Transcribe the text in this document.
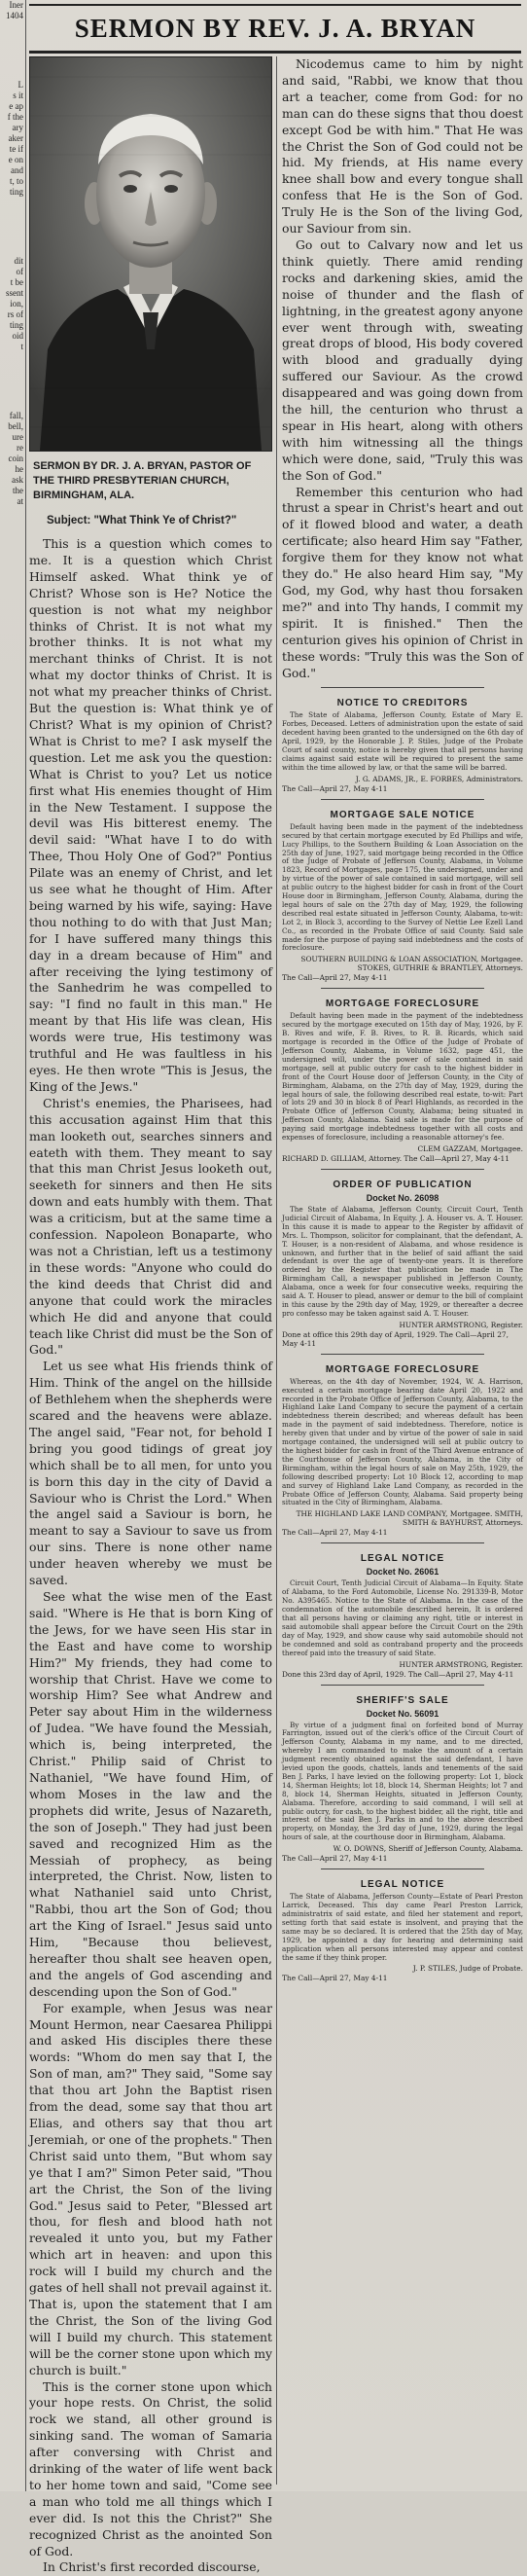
Iner
1404
L
s it
e ap
f the
ary
aker
te if
e on
and
t, to
ting
dit
of
t be
ssent
ion,
rs of
ting
oid
t
fall,
bell,
ure
re
coin
he
ask
the
at
SERMON BY REV. J. A. BRYAN

SERMON BY DR. J. A. BRYAN, PASTOR OF THE THIRD PRESBYTERIAN CHURCH, BIRMINGHAM, ALA.

Subject: "What Think Ye of Christ?"

This is a question which comes to me. It is a question which Christ Himself asked. What think ye of Christ? Whose son is He? Notice the question is not what my neighbor thinks of Christ. It is not what my brother thinks. It is not what my merchant thinks of Christ. It is not what my doctor thinks of Christ. It is not what my preacher thinks of Christ. But the question is: What think ye of Christ? What is my opinion of Christ? What is Christ to me? I ask myself the question. Let me ask you the question: What is Christ to you? Let us notice first what His enemies thought of Him in the New Testament. I suppose the devil was His bitterest enemy. The devil said: "What have I to do with Thee, Thou Holy One of God?" Pontius Pilate was an enemy of Christ, and let us see what he thought of Him. After being warned by his wife, saying: Have thou nothing to do with that Just Man; for I have suffered many things this day in a dream because of Him" and after receiving the lying testimony of the Sanhedrim he was compelled to say: "I find no fault in this man." He meant by that His life was clean, His words were true, His testimony was truthful and He was faultless in his eyes. He then wrote "This is Jesus, the King of the Jews."

Christ's enemies, the Pharisees, had this accusation against Him that this man looketh out, searches sinners and eateth with them. They meant to say that this man Christ Jesus looketh out, seeketh for sinners and then He sits down and eats humbly with them. That was a criticism, but at the same time a confession. Napoleon Bonaparte, who was not a Christian, left us a testimony in these words: "Anyone who could do the kind deeds that Christ did and anyone that could work the miracles which He did and anyone that could teach like Christ did must be the Son of God."

Let us see what His friends think of Him. Think of the angel on the hillside of Bethlehem when the shepherds were scared and the heavens were ablaze. The angel said, "Fear not, for behold I bring you good tidings of great joy which shall be to all men, for unto you is born this day in the city of David a Saviour who is Christ the Lord." When the angel said a Saviour is born, he meant to say a Saviour to save us from our sins. There is none other name under heaven whereby we must be saved.

See what the wise men of the East said. "Where is He that is born King of the Jews, for we have seen His star in the East and have come to worship Him?" My friends, they had come to worship that Christ. Have we come to worship Him? See what Andrew and Peter say about Him in the wilderness of Judea. "We have found the Messiah, which is, being interpreted, the Christ." Philip said of Christ to Nathaniel, "We have found Him, of whom Moses in the law and the prophets did write, Jesus of Nazareth, the son of Joseph." They had just been saved and recognized Him as the Messiah of prophecy, as being interpreted, the Christ. Now, listen to what Nathaniel said unto Christ, "Rabbi, thou art the Son of God; thou art the King of Israel." Jesus said unto Him, "Because thou believest, hereafter thou shalt see heaven open, and the angels of God ascending and descending upon the Son of God."

For example, when Jesus was near Mount Hermon, near Caesarea Philippi and asked His disciples there these words: "Whom do men say that I, the Son of man, am?" They said, "Some say that thou art John the Baptist risen from the dead, some say that thou art Elias, and others say that thou art Jeremiah, or one of the prophets." Then Christ said unto them, "But whom say ye that I am?" Simon Peter said, "Thou art the Christ, the Son of the living God." Jesus said to Peter, "Blessed art thou, for flesh and blood hath not revealed it unto you, but my Father which art in heaven: and upon this rock will I build my church and the gates of hell shall not prevail against it. That is, upon the statement that I am the Christ, the Son of the living God will I build my church. This statement will be the corner stone upon which my church is built."

This is the corner stone upon which your hope rests. On Christ, the solid rock we stand, all other ground is sinking sand. The woman of Samaria after conversing with Christ and drinking of the water of life went back to her home town and said, "Come see a man who told me all things which I ever did. Is not this the Christ?" She recognized Christ as the anointed Son of God.

In Christ's first recorded discourse,

Nicodemus came to him by night and said, "Rabbi, we know that thou art a teacher, come from God: for no man can do these signs that thou doest except God be with him." That He was the Christ the Son of God could not be hid. My friends, at His name every knee shall bow and every tongue shall confess that He is the Son of God. Truly He is the Son of the living God, our Saviour from sin.

Go out to Calvary now and let us think quietly. There amid rending rocks and darkening skies, amid the noise of thunder and the flash of lightning, in the greatest agony anyone ever went through with, sweating great drops of blood, His body covered with blood and gradually dying suffered our Saviour. As the crowd disappeared and was going down from the hill, the centurion who thrust a spear in His heart, along with others with him witnessing all the things which were done, said, "Truly this was the Son of God."

Remember this centurion who had thrust a spear in Christ's heart and out of it flowed blood and water, a death certificate; also heard Him say "Father, forgive them for they know not what they do." He also heard Him say, "My God, my God, why hast thou forsaken me?" and into Thy hands, I commit my spirit. It is finished." Then the centurion gives his opinion of Christ in these words: "Truly this was the Son of God."

NOTICE TO CREDITORS

The State of Alabama, Jefferson County, Estate of Mary E. Forbes, Deceased. Letters of administration upon the estate of said decedent having been granted to the undersigned on the 6th day of April, 1929, by the Honorable J. P. Stiles, Judge of the Probate Court of said county, notice is hereby given that all persons having claims against said estate will be required to present the same within the time allowed by law, or that the same will be barred.

J. G. ADAMS, JR., E. FORBES, Administrators.

The Call—April 27, May 4-11

MORTGAGE SALE NOTICE

Default having been made in the payment of the indebtedness secured by that certain mortgage executed by Ed Phillips and wife, Lucy Phillips, to the Southern Building & Loan Association on the 25th day of June, 1927, said mortgage being recorded in the Office of the Judge of Probate of Jefferson County, Alabama, in Volume 1823, Record of Mortgages, page 175, the undersigned, under and by virtue of the power of sale contained in said mortgage, will sell at public outcry to the highest bidder for cash in front of the Court House door in Birmingham, Jefferson County, Alabama, during the legal hours of sale on the 27th day of May, 1929, the following described real estate situated in Jefferson County, Alabama, to-wit: Lot 2, in Block 3, according to the Survey of Nettie Lee Ezell Land Co., as recorded in the Probate Office of said County. Said sale made for the purpose of paying said indebtedness and the costs of foreclosure.

SOUTHERN BUILDING & LOAN ASSOCIATION, Mortgagee. STOKES, GUTHRIE & BRANTLEY, Attorneys.

The Call—April 27, May 4-11

MORTGAGE FORECLOSURE

Default having been made in the payment of the indebtedness secured by the mortgage executed on 15th day of May, 1926, by F. B. Rives and wife, F. B. Rives, to R. B. Ricards, which said mortgage is recorded in the Office of the Judge of Probate of Jefferson County, Alabama, in Volume 1632, page 451, the undersigned will, under the power of sale contained in said mortgage, sell at public outcry for cash to the highest bidder in front of the Court House door of Jefferson County, in the City of Birmingham, Alabama, on the 27th day of May, 1929, during the legal hours of sale, the following described real estate, to-wit: Part of lots 29 and 30 in block 8 of Pearl Highlands, as recorded in the Probate Office of Jefferson County, Alabama; being situated in Jefferson County, Alabama. Said sale is made for the purpose of paying said mortgage indebtedness together with all costs and expenses of foreclosure, including a reasonable attorney's fee.

CLEM GAZZAM, Mortgagee.

RICHARD D. GILLIAM, Attorney. The Call—April 27, May 4-11

ORDER OF PUBLICATION

Docket No. 26098

The State of Alabama, Jefferson County, Circuit Court, Tenth Judicial Circuit of Alabama, In Equity. J. A. Houser vs. A. T. Houser. In this cause it is made to appear to the Register by affidavit of Mrs. L. Thompson, solicitor for complainant, that the defendant, A. T. Houser, is a non-resident of Alabama, and whose residence is unknown, and further that in the belief of said affiant the said defendant is over the age of twenty-one years. It is therefore ordered by the Register that publication be made in The Birmingham Call, a newspaper published in Jefferson County, Alabama, once a week for four consecutive weeks, requiring the said A. T. Houser to plead, answer or demur to the bill of complaint in this cause by the 29th day of May, 1929, or thereafter a decree pro confesso may be taken against said A. T. Houser.

HUNTER ARMSTRONG, Register.

Done at office this 29th day of April, 1929. The Call—April 27, May 4-11

MORTGAGE FORECLOSURE

Whereas, on the 4th day of November, 1924, W. A. Harrison, executed a certain mortgage bearing date April 20, 1922 and recorded in the Probate Office of Jefferson County, Alabama, to the Highland Lake Land Company to secure the payment of a certain indebtedness therein described; and whereas default has been made in the payment of said indebtedness. Therefore, notice is hereby given that under and by virtue of the power of sale in said mortgage contained, the undersigned will sell at public outcry to the highest bidder for cash in front of the Third Avenue entrance of the Courthouse of Jefferson County, Alabama, in the City of Birmingham, within the legal hours of sale on May 25th, 1929, the following described property: Lot 10 Block 12, according to map and survey of Highland Lake Land Company, as recorded in the Probate Office of Jefferson County, Alabama. Said property being situated in the City of Birmingham, Alabama.

THE HIGHLAND LAKE LAND COMPANY, Mortgagee. SMITH, SMITH & BAYHURST, Attorneys.

The Call—April 27, May 4-11

LEGAL NOTICE

Docket No. 26061

Circuit Court, Tenth Judicial Circuit of Alabama—In Equity. State of Alabama, to the Ford Automobile, License No. 291339-B, Motor No. A395465. Notice to the State of Alabama. In the case of the condemnation of the automobile described herein, It is ordered that all persons having or claiming any right, title or interest in said automobile shall appear before the Circuit Court on the 29th day of May, 1929, and show cause why said automobile should not be condemned and sold as contraband property and the proceeds thereof paid into the treasury of said State.

HUNTER ARMSTRONG, Register.

Done this 23rd day of April, 1929. The Call—April 27, May 4-11

SHERIFF'S SALE

Docket No. 56091

By virtue of a judgment final on forfeited bond of Murray Farrington, issued out of the clerk's office of the Circuit Court of Jefferson County, Alabama in my name, and to me directed, whereby I am commanded to make the amount of a certain judgment recently obtained against the said defendant, I have levied upon the goods, chattels, lands and tenements of the said Ben J. Parks, I have levied on the following property: Lot 1, block 14, Sherman Heights; lot 18, block 14, Sherman Heights; lot 7 and 8, block 14, Sherman Heights, situated in Jefferson County, Alabama. Therefore, according to said command, I will sell at public outcry, for cash, to the highest bidder, all the right, title and interest of the said Ben J. Parks in and to the above described property, on Monday, the 3rd day of June, 1929, during the legal hours of sale, at the courthouse door in Birmingham, Alabama.

W. O. DOWNS, Sheriff of Jefferson County, Alabama.

The Call—April 27, May 4-11

LEGAL NOTICE

The State of Alabama, Jefferson County—Estate of Pearl Preston Larrick, Deceased. This day came Pearl Preston Larrick, administratrix of said estate, and filed her statement and report, setting forth that said estate is insolvent, and praying that the same may be so declared. It is ordered that the 25th day of May, 1929, be appointed a day for hearing and determining said application when all persons interested may appear and contest the same if they think proper.

J. P. STILES, Judge of Probate.

The Call—April 27, May 4-11
